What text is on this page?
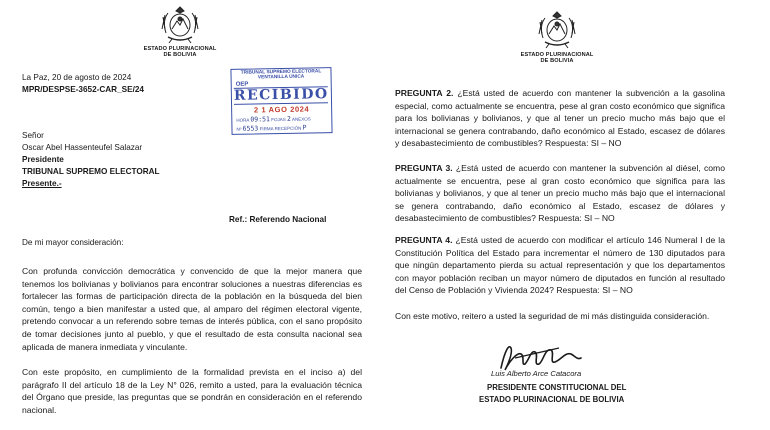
ESTADO PLURINACIONAL
DE BOLIVIA
La Paz, 20 de agosto de 2024
MPR/DESPSE-3652-CAR_SE/24
Señor
Oscar Abel Hassenteufel Salazar
Presidente
TRIBUNAL SUPREMO ELECTORAL
Presente.-
Ref.: Referendo Nacional
De mi mayor consideración:
Con profunda convicción democrática y convencido de que la mejor manera que tenemos los bolivianas y bolivianos para encontrar soluciones a nuestras diferencias es fortalecer las formas de participación directa de la población en la búsqueda del bien común, tengo a bien manifestar a usted que, al amparo del régimen electoral vigente, pretendo convocar a un referendo sobre temas de interés pública, con el sano propósito de tomar decisiones junto al pueblo, y que el resultado de esta consulta nacional sea aplicada de manera inmediata y vinculante.
Con este propósito, en cumplimiento de la formalidad prevista en el inciso a) del parágrafo II del artículo 18 de la Ley N° 026, remito a usted, para la evaluación técnica del Órgano que preside, las preguntas que se pondrán en consideración en el referendo nacional.
TRIBUNAL SUPREMO ELECTORAL
VENTANILLA ÚNICA
OEP
RECIBIDO
2 1 AGO 2024
HORA 09:51 FOJAS 2 ANEXOS
Nº 6553 FIRMA RECEPCIÓN P
ESTADO PLURINACIONAL
DE BOLIVIA
PREGUNTA 2. ¿Está usted de acuerdo con mantener la subvención a la gasolina especial, como actualmente se encuentra, pese al gran costo económico que significa para los bolivianas y bolivianos, y que al tener un precio mucho más bajo que el internacional se genera contrabando, daño económico al Estado, escasez de dólares y desabastecimiento de combustibles? Respuesta: SI – NO
PREGUNTA 3. ¿Está usted de acuerdo con mantener la subvención al diésel, como actualmente se encuentra, pese al gran costo económico que significa para las bolivianas y bolivianos, y que al tener un precio mucho más bajo que el internacional se genera contrabando, daño económico al Estado, escasez de dólares y desabastecimiento de combustibles? Respuesta: SI – NO
PREGUNTA 4. ¿Está usted de acuerdo con modificar el artículo 146 Numeral I de la Constitución Política del Estado para incrementar el número de 130 diputados para que ningún departamento pierda su actual representación y que los departamentos con mayor población reciban un mayor número de diputados en función al resultado del Censo de Población y Vivienda 2024? Respuesta: SI – NO
Con este motivo, reitero a usted la seguridad de mi más distinguida consideración.
Luis Alberto Arce Catacora
PRESIDENTE CONSTITUCIONAL DEL
ESTADO PLURINACIONAL DE BOLIVIA
